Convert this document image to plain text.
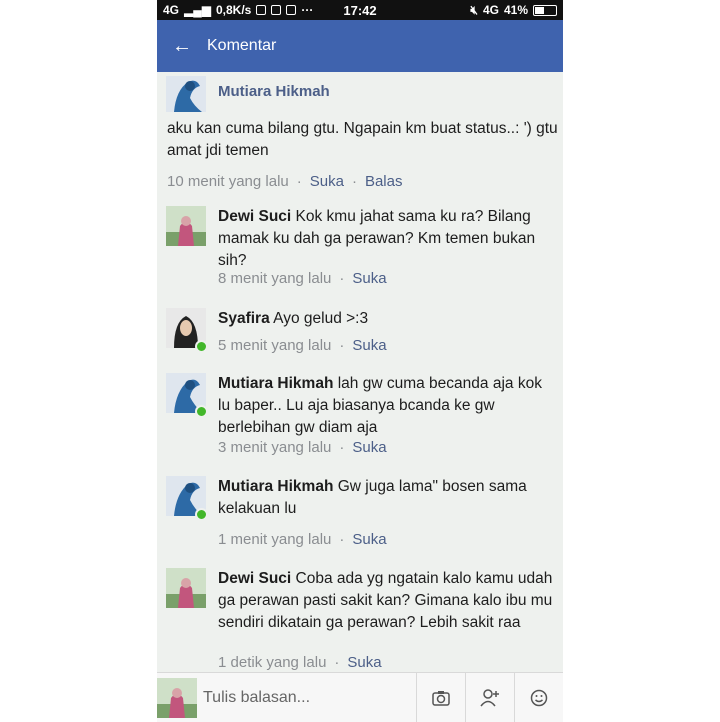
4G ▂▄▆ 0,8K/s	···	17:42	🔇︎ 4G 41%
← Komentar
Mutiara Hikmah
aku kan cuma bilang gtu. Ngapain km buat status..: ') gtu amat jdi temen
10 menit yang lalu · Suka · Balas
Dewi Suci Kok kmu jahat sama ku ra? Bilang mamak ku dah ga perawan? Km temen bukan sih?
8 menit yang lalu · Suka
Syafira Ayo gelud >:3
5 menit yang lalu · Suka
Mutiara Hikmah lah gw cuma becanda aja kok lu baper.. Lu aja biasanya bcanda ke gw berlebihan gw diam aja
3 menit yang lalu · Suka
Mutiara Hikmah Gw juga lama" bosen sama kelakuan lu
1 menit yang lalu · Suka
Dewi Suci Coba ada yg ngatain kalo kamu udah ga perawan pasti sakit kan? Gimana kalo ibu mu sendiri dikatain ga perawan? Lebih sakit raa
1 detik yang lalu · Suka
Tulis balasan...
